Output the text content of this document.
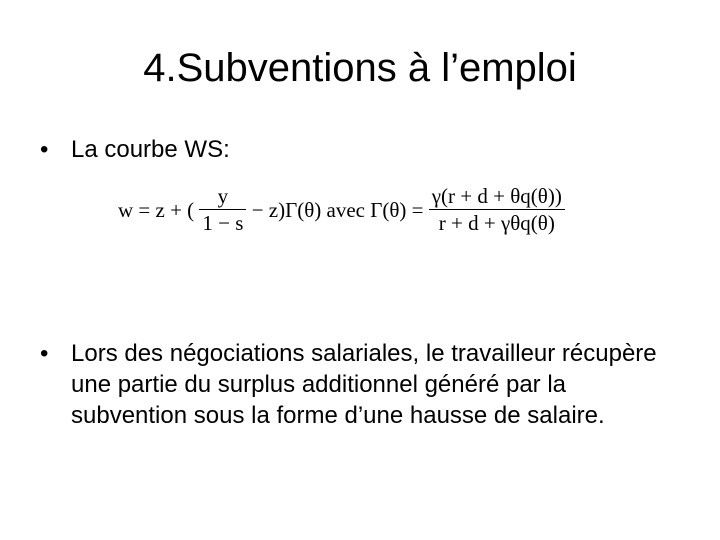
4.Subventions à l’emploi
• La courbe WS:
w = z + ( $\frac{y}{1 - s} - z)\Gamma(\theta)$ avec $\Gamma(\theta) = \frac{\gamma(r + d + \theta q(\theta))}{\text{r + d + γθq(θ)}}$
• Lors des négociations salariales, le travailleur récupère une partie du surplus additionnel généré par la subvention sous la forme d’une hausse de salaire.
